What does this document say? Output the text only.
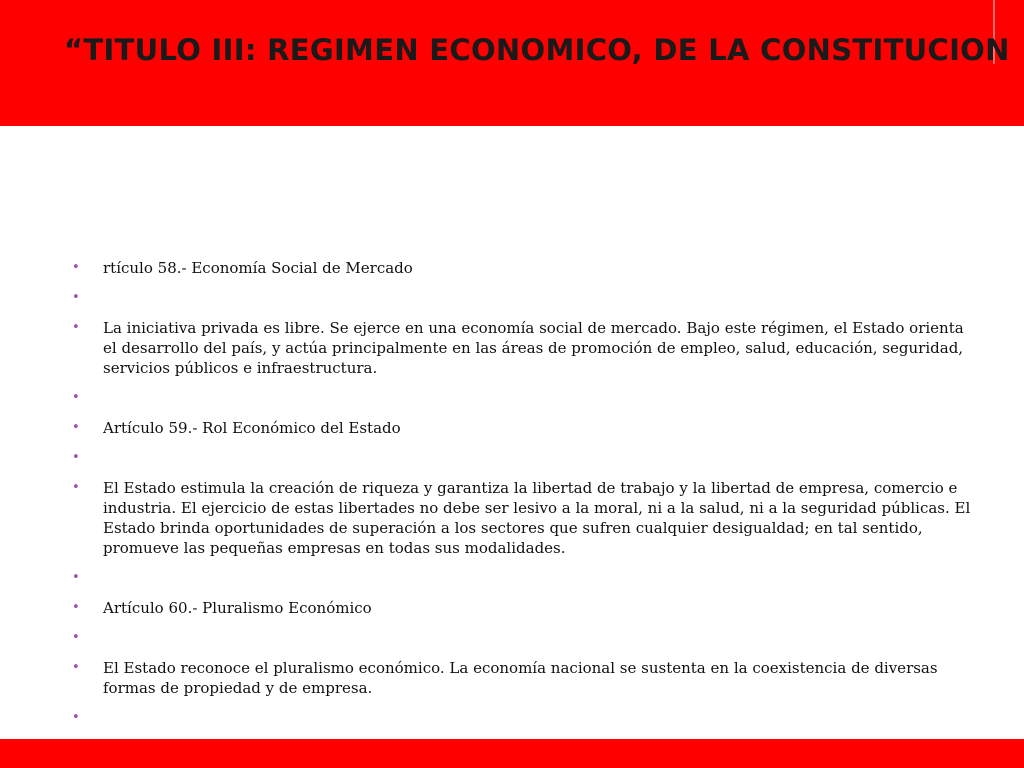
“TITULO III: REGIMEN ECONOMICO, DE LA CONSTITUCION
• rtículo 58.- Economía Social de Mercado
•
• La iniciativa privada es libre. Se ejerce en una economía social de mercado. Bajo este régimen, el Estado orienta el desarrollo del país, y actúa principalmente en las áreas de promoción de empleo, salud, educación, seguridad, servicios públicos e infraestructura.
•
• Artículo 59.- Rol Económico del Estado
•
• El Estado estimula la creación de riqueza y garantiza la libertad de trabajo y la libertad de empresa, comercio e industria. El ejercicio de estas libertades no debe ser lesivo a la moral, ni a la salud, ni a la seguridad públicas. El Estado brinda oportunidades de superación a los sectores que sufren cualquier desigualdad; en tal sentido, promueve las pequeñas empresas en todas sus modalidades.
•
• Artículo 60.- Pluralismo Económico
•
• El Estado reconoce el pluralismo económico. La economía nacional se sustenta en la coexistencia de diversas formas de propiedad y de empresa.
•
